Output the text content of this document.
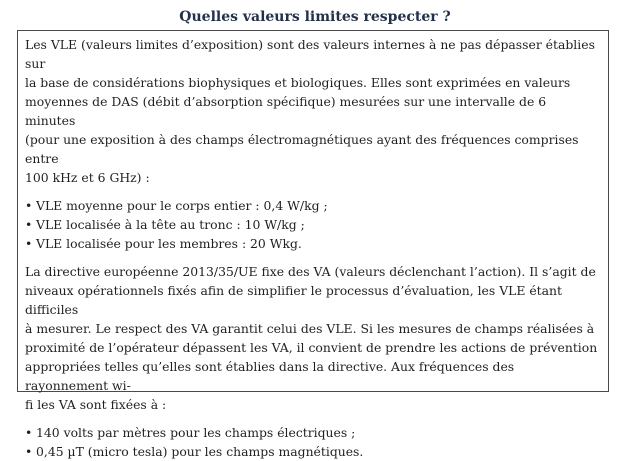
Quelles valeurs limites respecter ?

Les VLE (valeurs limites d’exposition) sont des valeurs internes à ne pas dépasser établies sur
la base de considérations biophysiques et biologiques. Elles sont exprimées en valeurs
moyennes de DAS (débit d’absorption spécifique) mesurées sur une intervalle de 6 minutes
(pour une exposition à des champs électromagnétiques ayant des fréquences comprises entre
100 kHz et 6 GHz) :

• VLE moyenne pour le corps entier : 0,4 W/kg ;
• VLE localisée à la tête au tronc : 10 W/kg ;
• VLE localisée pour les membres : 20 Wkg.

La directive européenne 2013/35/UE fixe des VA (valeurs déclenchant l’action). Il s’agit de
niveaux opérationnels fixés afin de simplifier le processus d’évaluation, les VLE étant difficiles
à mesurer. Le respect des VA garantit celui des VLE. Si les mesures de champs réalisées à
proximité de l’opérateur dépassent les VA, il convient de prendre les actions de prévention
appropriées telles qu’elles sont établies dans la directive. Aux fréquences des rayonnement wi-
fi les VA sont fixées à :

• 140 volts par mètres pour les champs électriques ;
• 0,45 µT (micro tesla) pour les champs magnétiques.
